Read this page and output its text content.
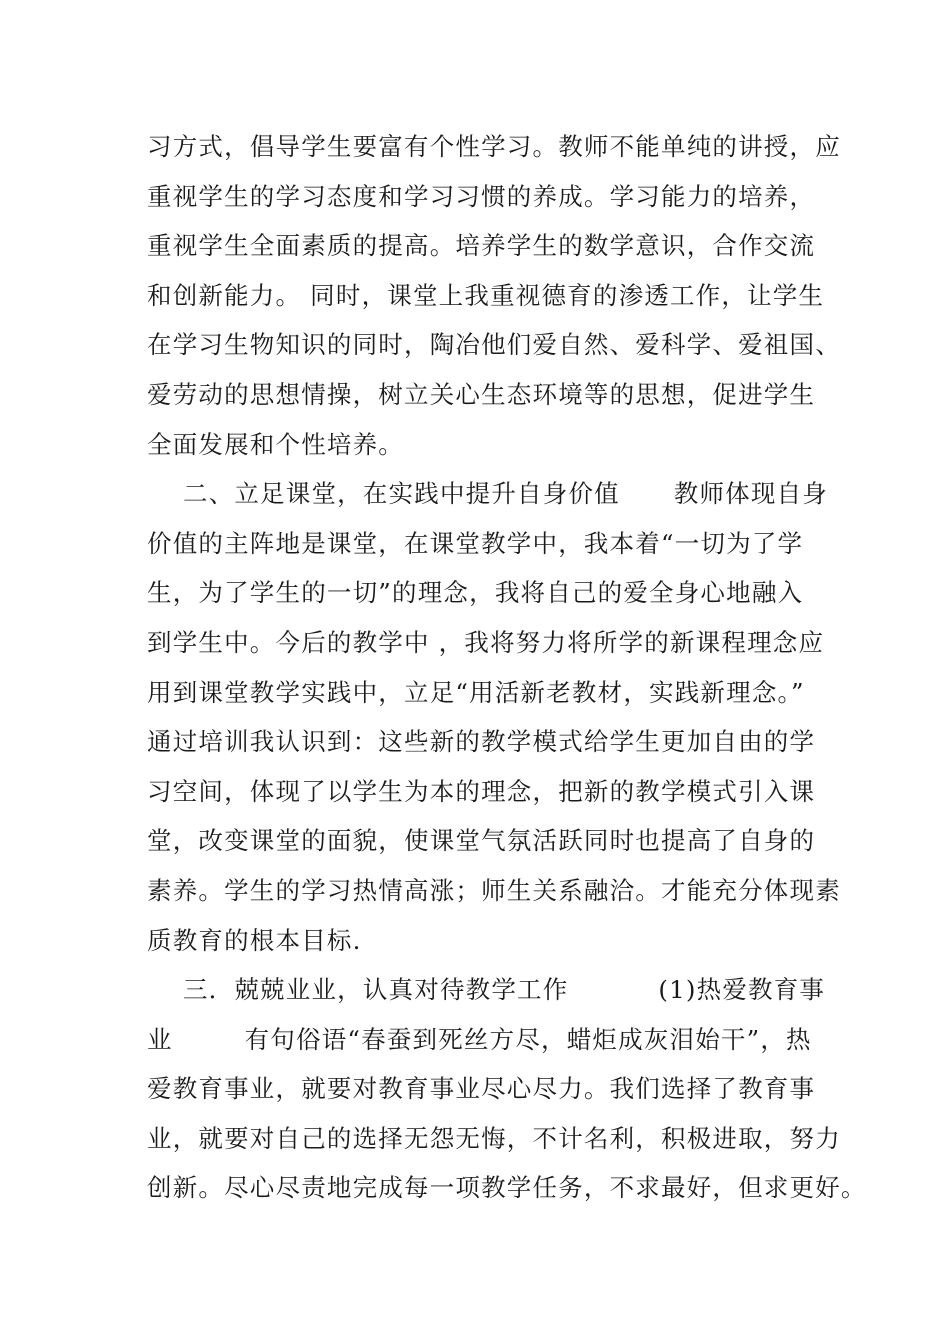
习方式，倡导学生要富有个性学习。教师不能单纯的讲授，应
重视学生的学习态度和学习习惯的养成。学习能力的培养，
重视学生全面素质的提高。培养学生的数学意识，合作交流
和创新能力。 同时，课堂上我重视德育的渗透工作，让学生
在学习生物知识的同时，陶冶他们爱自然、爱科学、爱祖国、
爱劳动的思想情操，树立关心生态环境等的思想，促进学生
全面发展和个性培养。
二、立足课堂，在实践中提升自身价值      教师体现自身
价值的主阵地是课堂，在课堂教学中，我本着“一切为了学
生，为了学生的一切”的理念，我将自己的爱全身心地融入
到学生中。今后的教学中 ，我将努力将所学的新课程理念应
用到课堂教学实践中，立足“用活新老教材，实践新理念。”
通过培训我认识到：这些新的教学模式给学生更加自由的学
习空间，体现了以学生为本的理念，把新的教学模式引入课
堂，改变课堂的面貌，使课堂气氛活跃同时也提高了自身的
素养。学生的学习热情高涨；师生关系融洽。才能充分体现素
质教育的根本目标.
三．兢兢业业，认真对待教学工作          (1)热爱教育事
业        有句俗语“春蚕到死丝方尽，蜡炬成灰泪始干”，热
爱教育事业，就要对教育事业尽心尽力。我们选择了教育事
业，就要对自己的选择无怨无悔，不计名利，积极进取，努力
创新。尽心尽责地完成每一项教学任务，不求最好，但求更好。
